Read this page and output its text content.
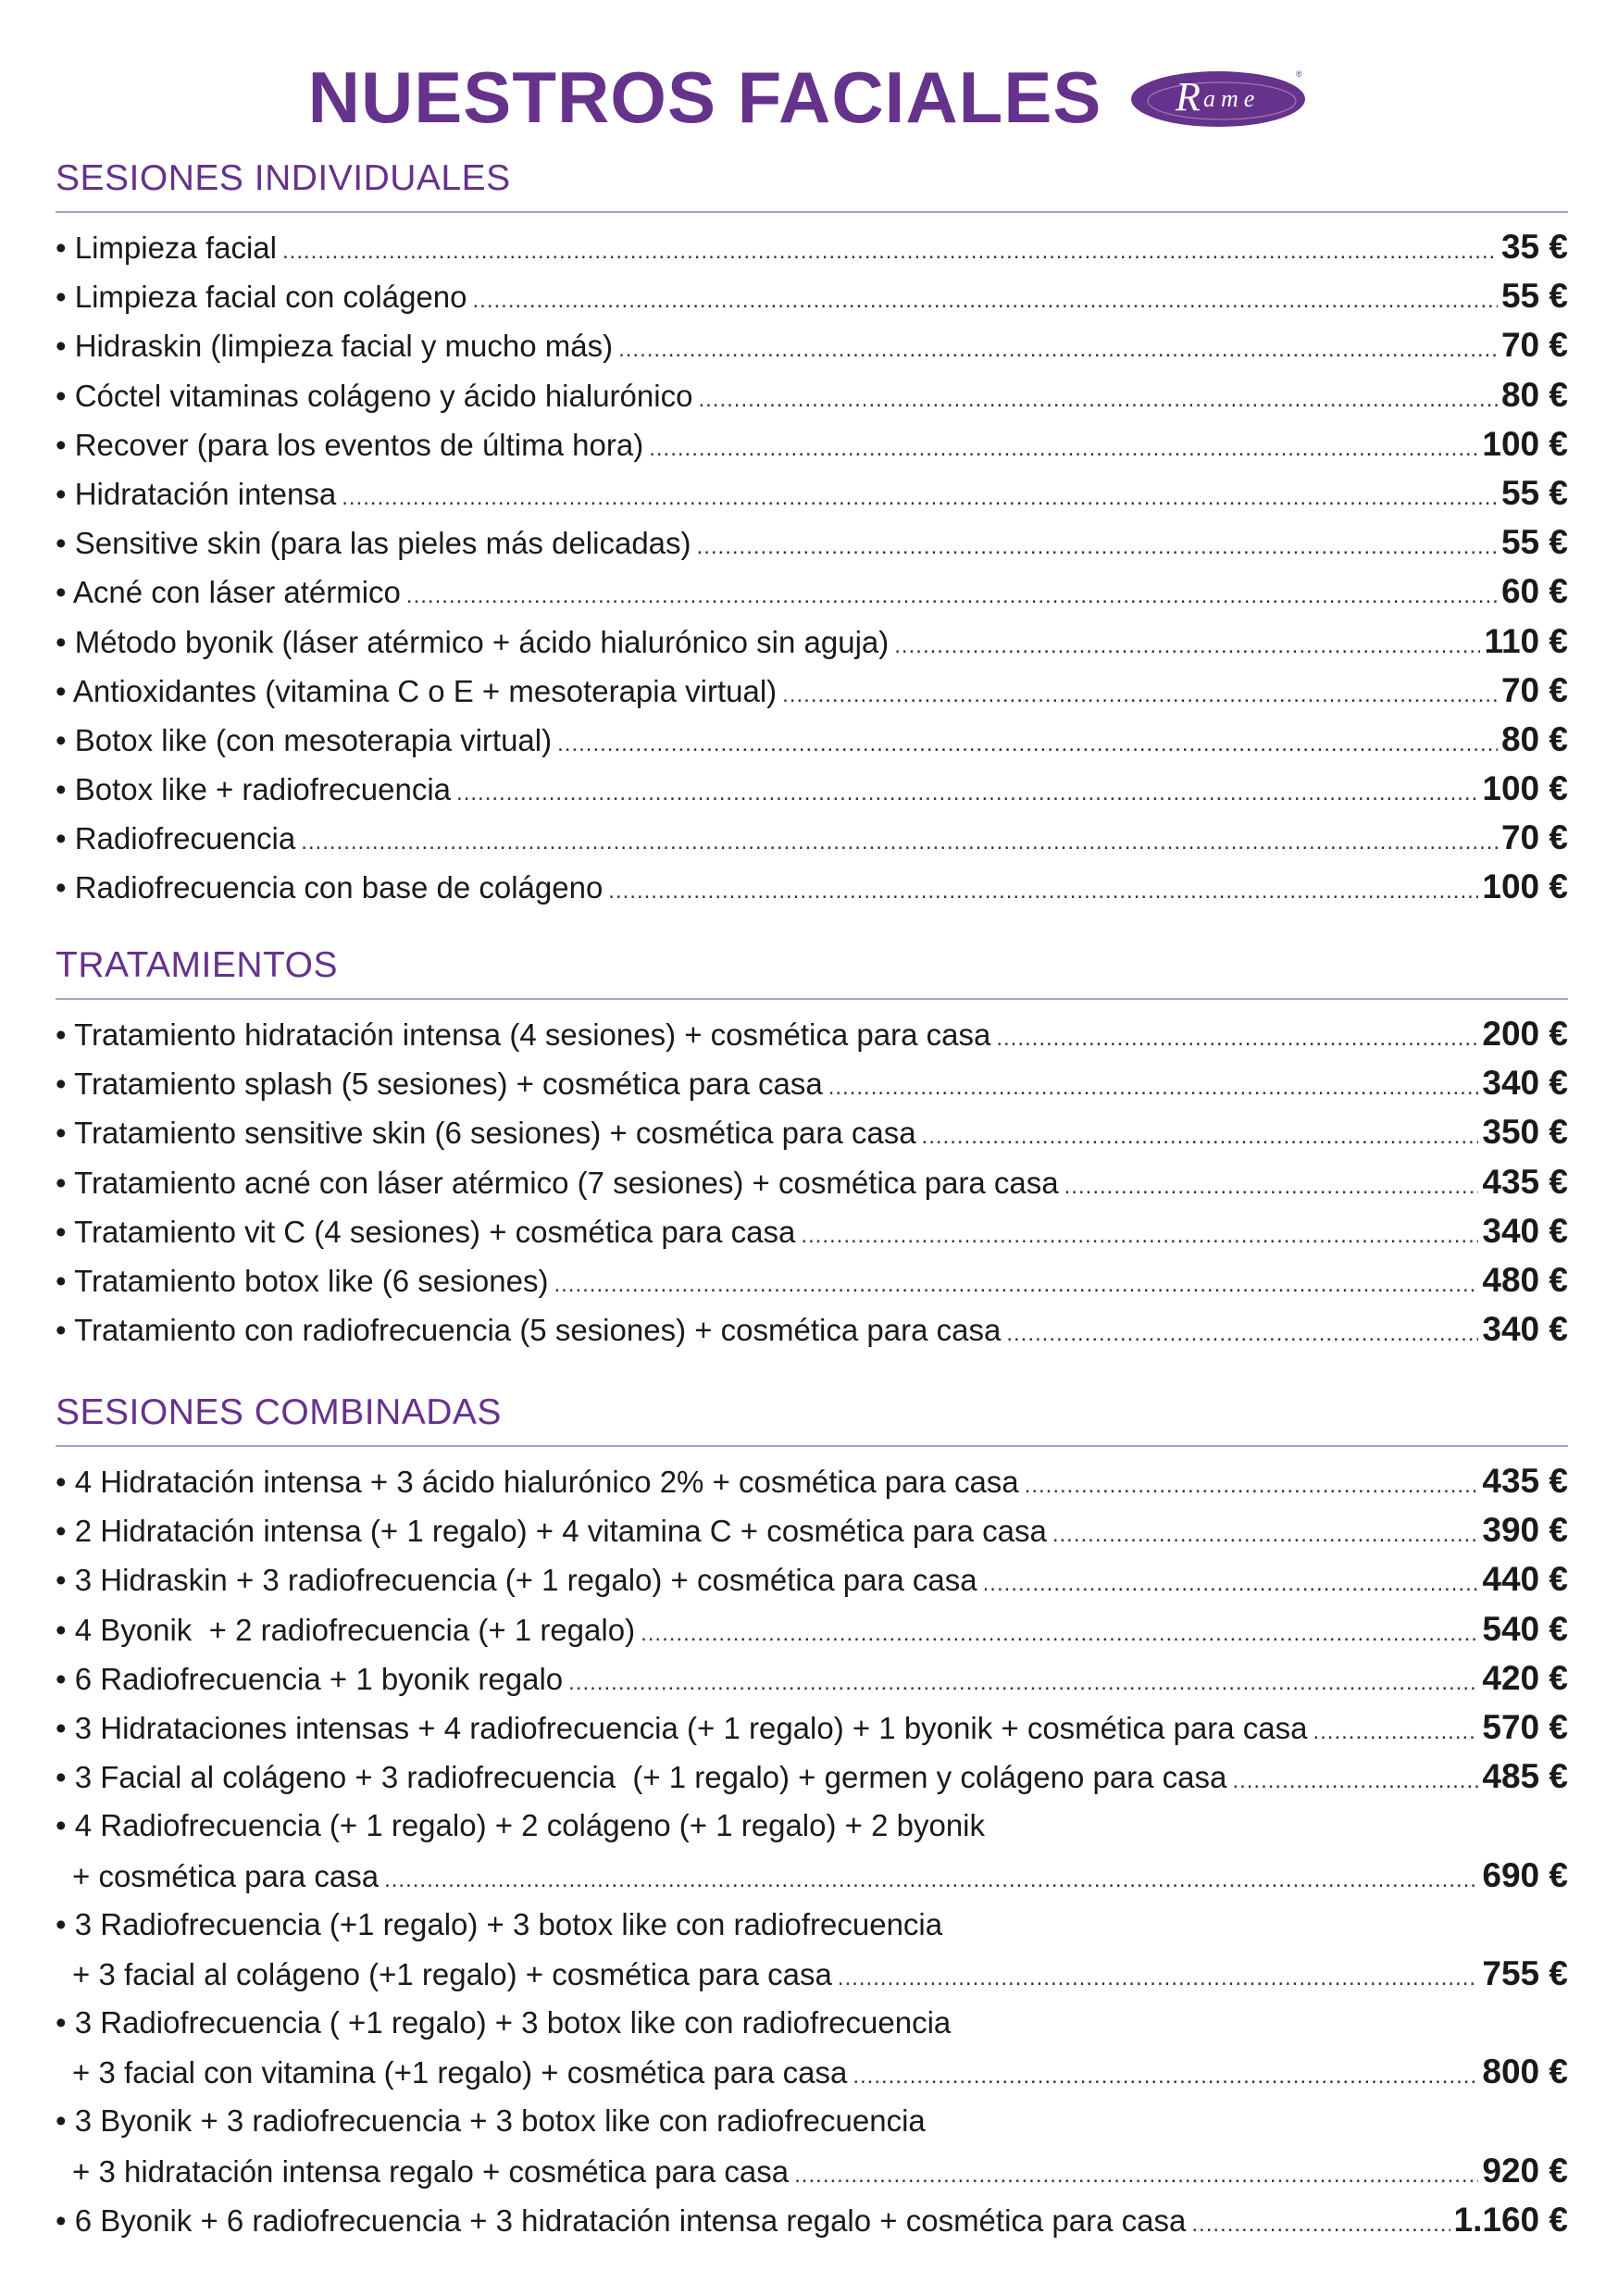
NUESTROS FACIALES R ame
®
SESIONES INDIVIDUALES
• Limpieza facial .....	35 €
• Limpieza facial con colágeno .....	55 €
• Hidraskin (limpieza facial y mucho más) .....	70 €
• Cóctel vitaminas colágeno y ácido hialurónico .....	80 €
• Recover (para los eventos de última hora) .....	100 €
• Hidratación intensa .....	55 €
• Sensitive skin (para las pieles más delicadas) .....	55 €
• Acné con láser atérmico .....	60 €
• Método byonik (láser atérmico + ácido hialurónico sin aguja) .....	110 €
• Antioxidantes (vitamina C o E + mesoterapia virtual) .....	70 €
• Botox like (con mesoterapia virtual) .....	80 €
• Botox like + radiofrecuencia .....	100 €
• Radiofrecuencia .....	70 €
• Radiofrecuencia con base de colágeno .....	100 €
TRATAMIENTOS
• Tratamiento hidratación intensa (4 sesiones) + cosmética para casa .....	200 €
• Tratamiento splash (5 sesiones) + cosmética para casa .....	340 €
• Tratamiento sensitive skin (6 sesiones) + cosmética para casa .....	350 €
• Tratamiento acné con láser atérmico (7 sesiones) + cosmética para casa .....	435 €
• Tratamiento vit C (4 sesiones) + cosmética para casa .....	340 €
• Tratamiento botox like (6 sesiones) .....	480 €
• Tratamiento con radiofrecuencia (5 sesiones) + cosmética para casa .....	340 €
SESIONES COMBINADAS
• 4 Hidratación intensa + 3 ácido hialurónico 2% + cosmética para casa .....	435 €
• 2 Hidratación intensa (+ 1 regalo) + 4 vitamina C + cosmética para casa .....	390 €
• 3 Hidraskin + 3 radiofrecuencia (+ 1 regalo) + cosmética para casa .....	440 €
• 4 Byonik  + 2 radiofrecuencia (+ 1 regalo) .....	540 €
• 6 Radiofrecuencia + 1 byonik regalo .....	420 €
• 3 Hidrataciones intensas + 4 radiofrecuencia (+ 1 regalo) + 1 byonik + cosmética para casa .....	570 €
• 3 Facial al colágeno + 3 radiofrecuencia  (+ 1 regalo) + germen y colágeno para casa .....	485 €
• 4 Radiofrecuencia (+ 1 regalo) + 2 colágeno (+ 1 regalo) + 2 byonik
+ cosmética para casa .....	690 €
• 3 Radiofrecuencia (+1 regalo) + 3 botox like con radiofrecuencia
+ 3 facial al colágeno (+1 regalo) + cosmética para casa .....	755 €
• 3 Radiofrecuencia ( +1 regalo) + 3 botox like con radiofrecuencia
+ 3 facial con vitamina (+1 regalo) + cosmética para casa .....	800 €
• 3 Byonik + 3 radiofrecuencia + 3 botox like con radiofrecuencia
+ 3 hidratación intensa regalo + cosmética para casa .....	920 €
• 6 Byonik + 6 radiofrecuencia + 3 hidratación intensa regalo + cosmética para casa .....	1.160 €
